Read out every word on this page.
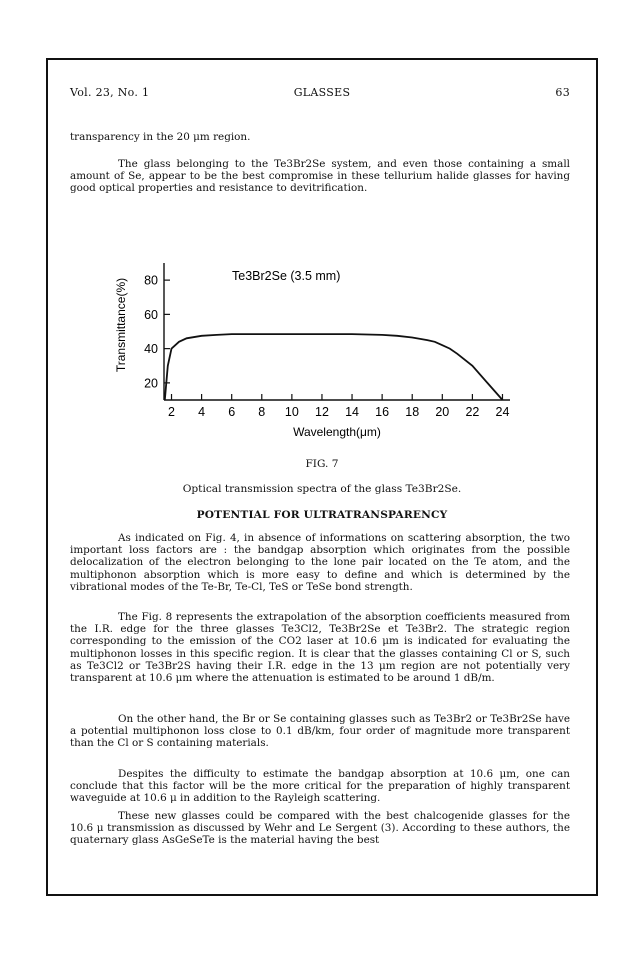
Vol. 23, No. 1	GLASSES	63

transparency in the 20 μm region.

The glass belonging to the Te3Br2Se system, and even those containing a small amount of Se, appear to be the best compromise in these tellurium halide glasses for having good optical properties and resistance to devitrification.

2 4 6 8 10 12 14 16 18 20 22 24
20
40
60
80	Te3Br2Se (3.5 mm)
Wavelength(μm)
Transmittance(%)
FIG. 7
Optical transmission spectra of the glass Te3Br2Se.
POTENTIAL FOR ULTRATRANSPARENCY

As indicated on Fig. 4, in absence of informations on scattering absorption, the two important loss factors are : the bandgap absorption which originates from the possible delocalization of the electron belonging to the lone pair located on the Te atom, and the multiphonon absorption which is more easy to define and which is determined by the vibrational modes of the Te-Br, Te-Cl, TeS or TeSe bond strength.

The Fig. 8 represents the extrapolation of the absorption coefficients measured from the I.R. edge for the three glasses Te3Cl2, Te3Br2Se et Te3Br2. The strategic region corresponding to the emission of the CO2 laser at 10.6 μm is indicated for evaluating the multiphonon losses in this specific region. It is clear that the glasses containing Cl or S, such as Te3Cl2 or Te3Br2S having their I.R. edge in the 13 μm region are not potentially very transparent at 10.6 μm where the attenuation is estimated to be around 1 dB/m.

On the other hand, the Br or Se containing glasses such as Te3Br2 or Te3Br2Se have a potential multiphonon loss close to 0.1 dB/km, four order of magnitude more transparent than the Cl or S containing materials.

Despites the difficulty to estimate the bandgap absorption at 10.6 μm, one can conclude that this factor will be the more critical for the preparation of highly transparent waveguide at 10.6 μ in addition to the Rayleigh scattering.

These new glasses could be compared with the best chalcogenide glasses for the 10.6 μ transmission as discussed by Wehr and Le Sergent (3). According to these authors, the quaternary glass AsGeSeTe is the material having the best
